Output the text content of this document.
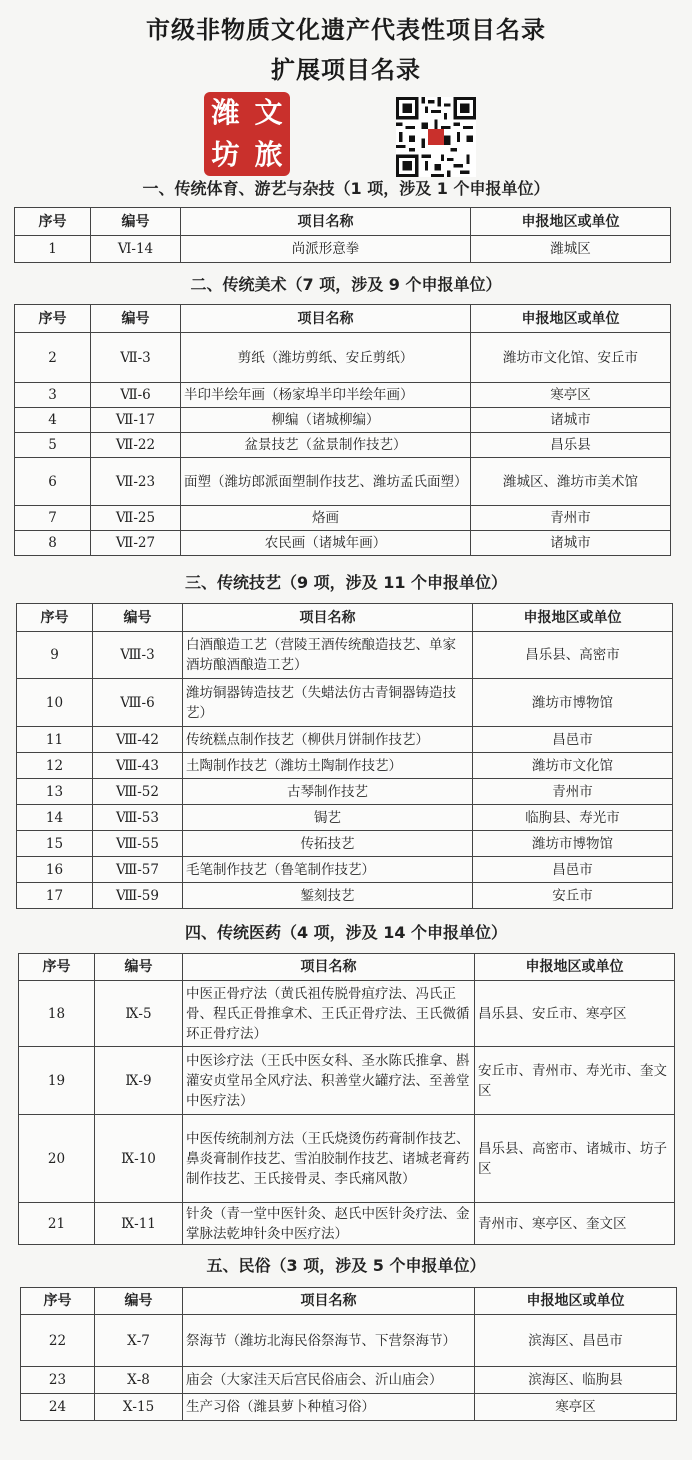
市级非物质文化遗产代表性项目名录
扩展项目名录
潍 文
坊 旅
一、传统体育、游艺与杂技（1 项，涉及 1 个申报单位）
序号	编号	项目名称	申报地区或单位
1	Ⅵ-14	尚派形意拳	潍城区
二、传统美术（7 项，涉及 9 个申报单位）
序号	编号	项目名称	申报地区或单位
2	Ⅶ-3	剪纸（潍坊剪纸、安丘剪纸）	潍坊市文化馆、安丘市
3	Ⅶ-6	半印半绘年画（杨家埠半印半绘年画）	寒亭区
4	Ⅶ-17	柳编（诸城柳编）	诸城市
5	Ⅶ-22	盆景技艺（盆景制作技艺）	昌乐县
6	Ⅶ-23	面塑（潍坊郎派面塑制作技艺、潍坊孟氏面塑）	潍城区、潍坊市美术馆
7	Ⅶ-25	烙画	青州市
8	Ⅶ-27	农民画（诸城年画）	诸城市
三、传统技艺（9 项，涉及 11 个申报单位）
序号	编号	项目名称	申报地区或单位
9	Ⅷ-3	白酒酿造工艺（营陵王酒传统酿造技艺、单家酒坊酿酒酿造工艺）	昌乐县、高密市
10	Ⅷ-6	潍坊铜器铸造技艺（失蜡法仿古青铜器铸造技艺）	潍坊市博物馆
11	Ⅷ-42	传统糕点制作技艺（柳供月饼制作技艺）	昌邑市
12	Ⅷ-43	土陶制作技艺（潍坊土陶制作技艺）	潍坊市文化馆
13	Ⅷ-52	古琴制作技艺	青州市
14	Ⅷ-53	锔艺	临朐县、寿光市
15	Ⅷ-55	传拓技艺	潍坊市博物馆
16	Ⅷ-57	毛笔制作技艺（鲁笔制作技艺）	昌邑市
17	Ⅷ-59	錾刻技艺	安丘市
四、传统医药（4 项，涉及 14 个申报单位）
序号	编号	项目名称	申报地区或单位
18	Ⅸ-5	中医正骨疗法（黄氏祖传脱骨疽疗法、冯氏正骨、程氏正骨推拿术、王氏正骨疗法、王氏微循环正骨疗法）	昌乐县、安丘市、寒亭区
19	Ⅸ-9	中医诊疗法（王氏中医女科、圣水陈氏推拿、斟灌安贞堂吊全风疗法、积善堂火罐疗法、至善堂中医疗法）	安丘市、青州市、寿光市、奎文区
20	Ⅸ-10	中医传统制剂方法（王氏烧烫伤药膏制作技艺、鼻炎膏制作技艺、雪泊胶制作技艺、诸城老膏药制作技艺、王氏接骨灵、李氏痛风散）	昌乐县、高密市、诸城市、坊子区
21	Ⅸ-11	针灸（青一堂中医针灸、赵氏中医针灸疗法、金掌脉法乾坤针灸中医疗法）	青州市、寒亭区、奎文区
五、民俗（3 项，涉及 5 个申报单位）
序号	编号	项目名称	申报地区或单位
22	Ⅹ-7	祭海节（潍坊北海民俗祭海节、下营祭海节）	滨海区、昌邑市
23	Ⅹ-8	庙会（大家洼天后宫民俗庙会、沂山庙会）	滨海区、临朐县
24	Ⅹ-15	生产习俗（潍县萝卜种植习俗）	寒亭区
